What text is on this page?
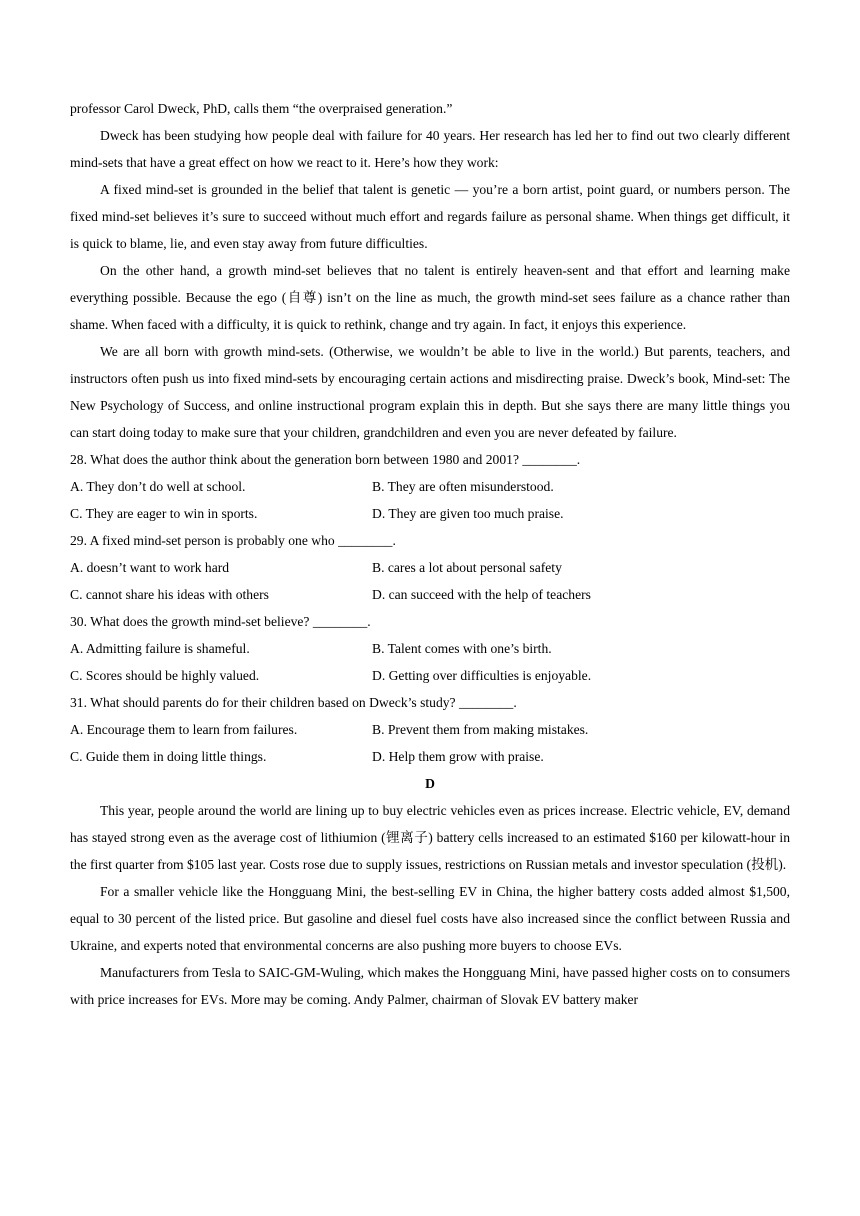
professor Carol Dweck, PhD, calls them “the overpraised generation.”

Dweck has been studying how people deal with failure for 40 years. Her research has led her to find out two clearly different mind-sets that have a great effect on how we react to it. Here’s how they work:

A fixed mind-set is grounded in the belief that talent is genetic — you’re a born artist, point guard, or numbers person. The fixed mind-set believes it’s sure to succeed without much effort and regards failure as personal shame. When things get difficult, it is quick to blame, lie, and even stay away from future difficulties.

On the other hand, a growth mind-set believes that no talent is entirely heaven-sent and that effort and learning make everything possible. Because the ego (自尊) isn’t on the line as much, the growth mind-set sees failure as a chance rather than shame. When faced with a difficulty, it is quick to rethink, change and try again. In fact, it enjoys this experience.

We are all born with growth mind-sets. (Otherwise, we wouldn’t be able to live in the world.) But parents, teachers, and instructors often push us into fixed mind-sets by encouraging certain actions and misdirecting praise. Dweck’s book, Mind-set: The New Psychology of Success, and online instructional program explain this in depth. But she says there are many little things you can start doing today to make sure that your children, grandchildren and even you are never defeated by failure.

28. What does the author think about the generation born between 1980 and 2001? ________.

A. They don’t do well at school.	B. They are often misunderstood.
C. They are eager to win in sports.	D. They are given too much praise.

29. A fixed mind-set person is probably one who ________.

A. doesn’t want to work hard	B. cares a lot about personal safety
C. cannot share his ideas with others	D. can succeed with the help of teachers

30. What does the growth mind-set believe? ________.

A. Admitting failure is shameful.	B. Talent comes with one’s birth.
C. Scores should be highly valued.	D. Getting over difficulties is enjoyable.

31. What should parents do for their children based on Dweck’s study? ________.

A. Encourage them to learn from failures.	B. Prevent them from making mistakes.
C. Guide them in doing little things.	D. Help them grow with praise.

D

This year, people around the world are lining up to buy electric vehicles even as prices increase. Electric vehicle, EV, demand has stayed strong even as the average cost of lithiumion (锂离子) battery cells increased to an estimated $160 per kilowatt-hour in the first quarter from $105 last year. Costs rose due to supply issues, restrictions on Russian metals and investor speculation (投机).

For a smaller vehicle like the Hongguang Mini, the best-selling EV in China, the higher battery costs added almost $1,500, equal to 30 percent of the listed price. But gasoline and diesel fuel costs have also increased since the conflict between Russia and Ukraine, and experts noted that environmental concerns are also pushing more buyers to choose EVs.

Manufacturers from Tesla to SAIC-GM-Wuling, which makes the Hongguang Mini, have passed higher costs on to consumers with price increases for EVs. More may be coming. Andy Palmer, chairman of Slovak EV battery maker
